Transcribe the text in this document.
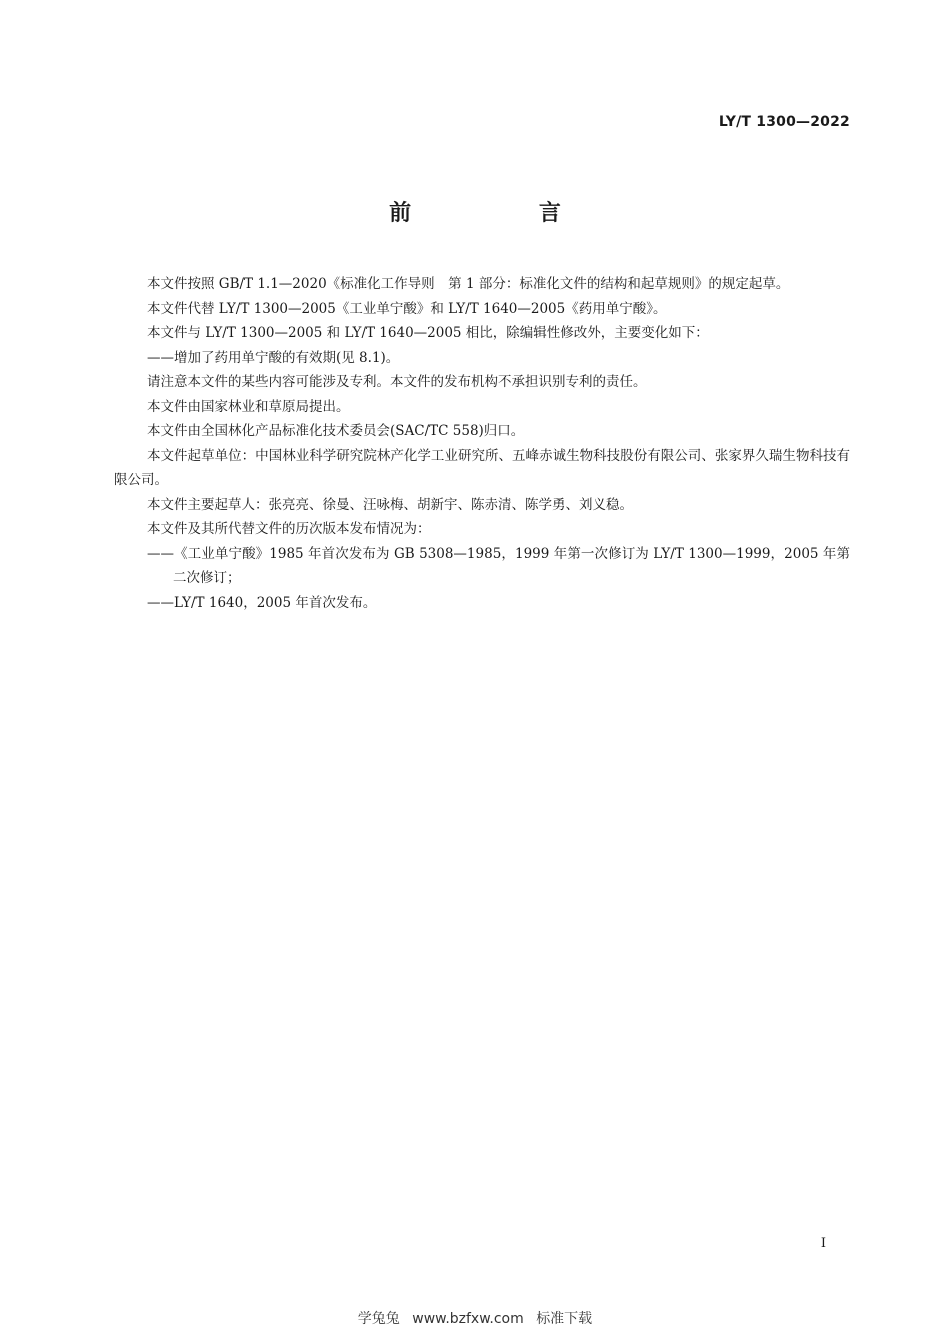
LY/T 1300—2022
前 言

本文件按照 GB/T 1.1—2020《标准化工作导则　第 1 部分：标准化文件的结构和起草规则》的规定起草。

本文件代替 LY/T 1300—2005《工业单宁酸》和 LY/T 1640—2005《药用单宁酸》。

本文件与 LY/T 1300—2005 和 LY/T 1640—2005 相比，除编辑性修改外，主要变化如下：

——增加了药用单宁酸的有效期(见 8.1)。

请注意本文件的某些内容可能涉及专利。本文件的发布机构不承担识别专利的责任。

本文件由国家林业和草原局提出。

本文件由全国林化产品标准化技术委员会(SAC/TC 558)归口。

本文件起草单位：中国林业科学研究院林产化学工业研究所、五峰赤诚生物科技股份有限公司、张家界久瑞生物科技有限公司。

本文件主要起草人：张亮亮、徐曼、汪咏梅、胡新宇、陈赤清、陈学勇、刘义稳。

本文件及其所代替文件的历次版本发布情况为：

——《工业单宁酸》1985 年首次发布为 GB 5308—1985，1999 年第一次修订为 LY/T 1300—1999，2005 年第二次修订；

——LY/T 1640，2005 年首次发布。

I
学兔兔 www.bzfxw.com 标准下载
